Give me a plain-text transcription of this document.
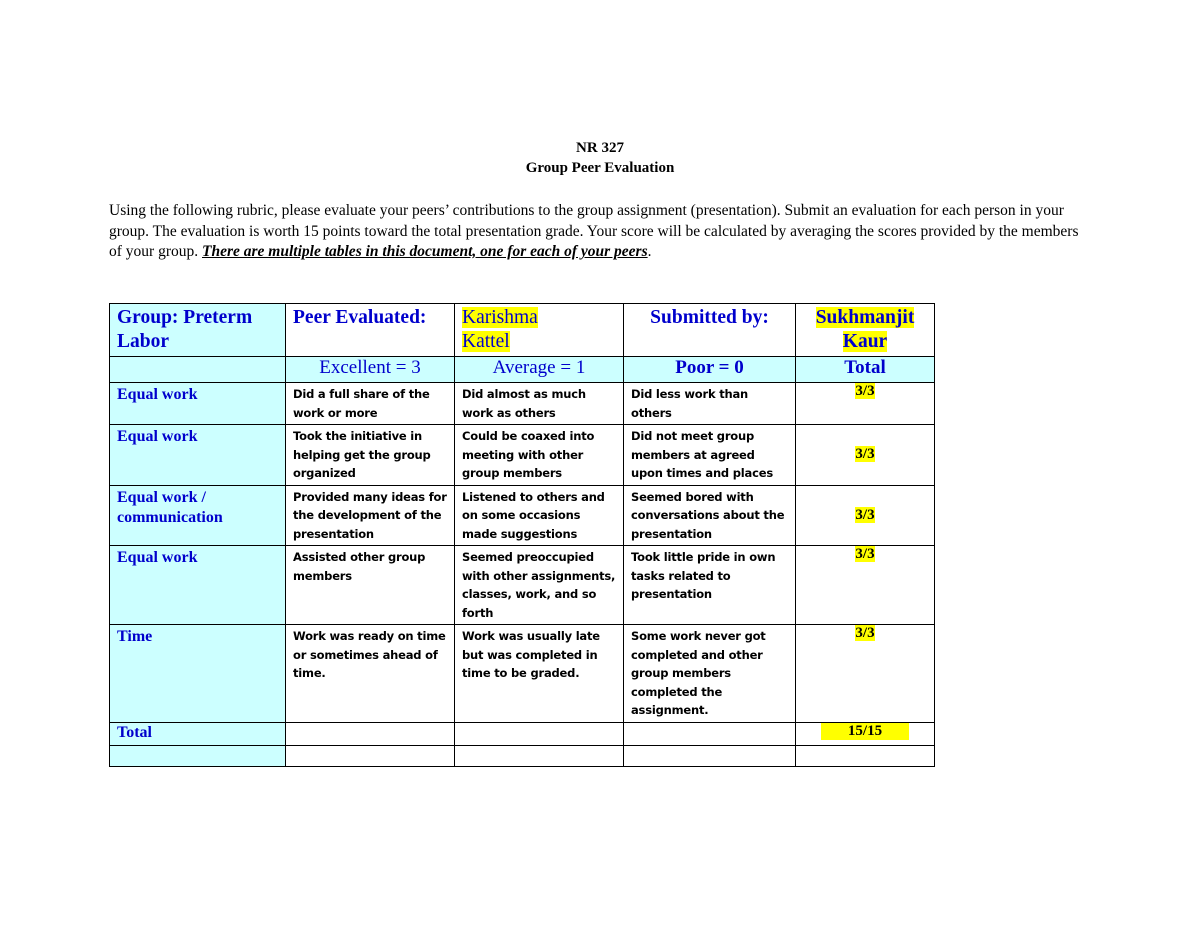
NR 327
Group Peer Evaluation
Using the following rubric, please evaluate your peers’ contributions to the group assignment (presentation). Submit an evaluation for each person in your group. The evaluation is worth 15 points toward the total presentation grade. Your score will be calculated by averaging the scores provided by the members of your group. There are multiple tables in this document, one for each of your peers.
Group: Preterm Labor	Peer Evaluated:	Karishma Kattel	Submitted by:	Sukhmanjit Kaur

	Excellent = 3	Average = 1	Poor = 0	Total

Equal work	Did a full share of the work or more	Did almost as much work as others	Did less work than others	3/3

Equal work	Took the initiative in helping get the group organized	Could be coaxed into meeting with other group members	Did not meet group members at agreed upon times and places	3/3

Equal work / communication	Provided many ideas for the development of the presentation	Listened to others and on some occasions made suggestions	Seemed bored with conversations about the presentation	3/3

Equal work	Assisted other group members	Seemed preoccupied with other assignments, classes, work, and so forth	Took little pride in own tasks related to presentation	3/3

Time	Work was ready on time or sometimes ahead of time.	Work was usually late but was completed in time to be graded.	Some work never got completed and other group members completed the assignment.	3/3

Total				15/15
